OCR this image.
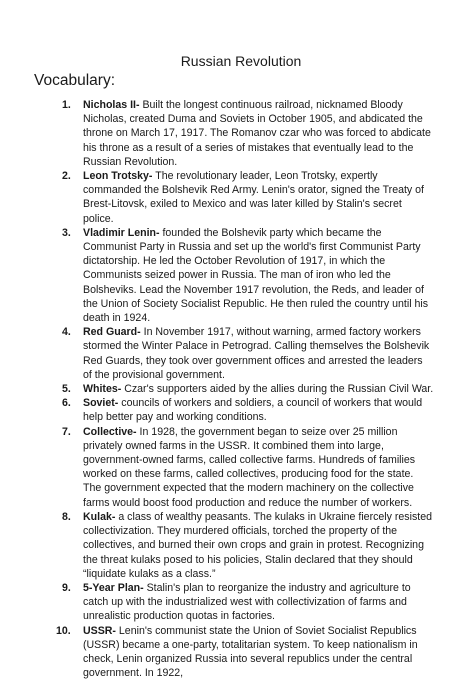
Russian Revolution
Vocabulary:
1.	Nicholas II- Built the longest continuous railroad, nicknamed Bloody Nicholas, created Duma and Soviets in October 1905, and abdicated the throne on March 17, 1917. The Romanov czar who was forced to abdicate his throne as a result of a series of mistakes that eventually lead to the Russian Revolution.
2.	Leon Trotsky- The revolutionary leader, Leon Trotsky, expertly commanded the Bolshevik Red Army. Lenin's orator, signed the Treaty of Brest-Litovsk, exiled to Mexico and was later killed by Stalin's secret police.
3.	Vladimir Lenin- founded the Bolshevik party which became the Communist Party in Russia and set up the world's first Communist Party dictatorship. He led the October Revolution of 1917, in which the Communists seized power in Russia. The man of iron who led the Bolsheviks. Lead the November 1917 revolution, the Reds, and leader of the Union of Society Socialist Republic. He then ruled the country until his death in 1924.
4.	Red Guard- In November 1917, without warning, armed factory workers stormed the Winter Palace in Petrograd. Calling themselves the Bolshevik Red Guards, they took over government offices and arrested the leaders of the provisional government.
5.	Whites- Czar's supporters aided by the allies during the Russian Civil War.
6.	Soviet- councils of workers and soldiers, a council of workers that would help better pay and working conditions.
7.	Collective- In 1928, the government began to seize over 25 million privately owned farms in the USSR. It combined them into large, government-owned farms, called collective farms. Hundreds of families worked on these farms, called collectives, producing food for the state. The government expected that the modern machinery on the collective farms would boost food production and reduce the number of workers.
8.	Kulak- a class of wealthy peasants. The kulaks in Ukraine fiercely resisted collectivization. They murdered officials, torched the property of the collectives, and burned their own crops and grain in protest. Recognizing the threat kulaks posed to his policies, Stalin declared that they should “liquidate kulaks as a class.”
9.	5-Year Plan- Stalin's plan to reorganize the industry and agriculture to catch up with the industrialized west with collectivization of farms and unrealistic production quotas in factories.
10.	USSR- Lenin's communist state the Union of Soviet Socialist Republics (USSR) became a one-party, totalitarian system. To keep nationalism in check, Lenin organized Russia into several republics under the central government. In 1922,
